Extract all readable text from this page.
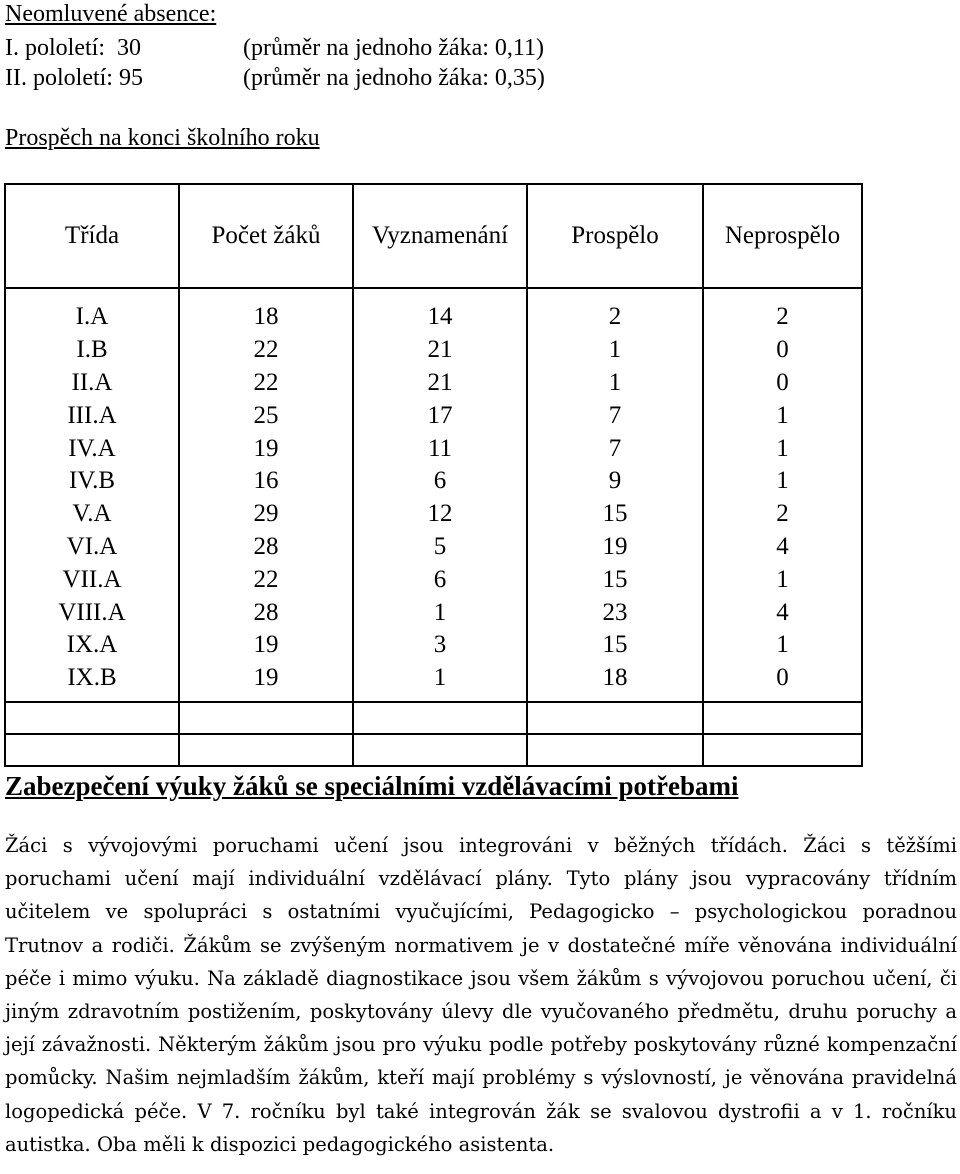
Neomluvené absence:
I. pololetí:  30	(průměr na jednoho žáka: 0,11)
II. pololetí: 95	(průměr na jednoho žáka: 0,35)
Prospěch na konci školního roku
Třída	Počet žáků	Vyznamenání	Prospělo	Neprospělo
I.A	18	14	2	2
I.B	22	21	1	0
II.A	22	21	1	0
III.A	25	17	7	1
IV.A	19	11	7	1
IV.B	16	6	9	1
V.A	29	12	15	2
VI.A	28	5	19	4
VII.A	22	6	15	1
VIII.A	28	1	23	4
IX.A	19	3	15	1
IX.B	19	1	18	0

Zabezpečení výuky žáků se speciálními vzdělávacími potřebami
Žáci s vývojovými poruchami učení jsou integrováni v běžných třídách. Žáci s těžšími poruchami učení mají individuální vzdělávací plány. Tyto plány jsou vypracovány třídním učitelem ve spolupráci s ostatními vyučujícími, Pedagogicko – psychologickou poradnou Trutnov a rodiči. Žákům se zvýšeným normativem je v dostatečné míře věnována individuální péče i mimo výuku. Na základě diagnostikace jsou všem žákům s vývojovou poruchou učení, či jiným zdravotním postižením, poskytovány úlevy dle vyučovaného předmětu, druhu poruchy a její závažnosti. Některým žákům jsou pro výuku podle potřeby poskytovány různé kompenzační pomůcky. Našim nejmladším žákům, kteří mají problémy s výslovností, je věnována pravidelná logopedická péče. V 7. ročníku byl také integrován žák se svalovou dystrofii a v 1. ročníku autistka. Oba měli k dispozici pedagogického asistenta.
